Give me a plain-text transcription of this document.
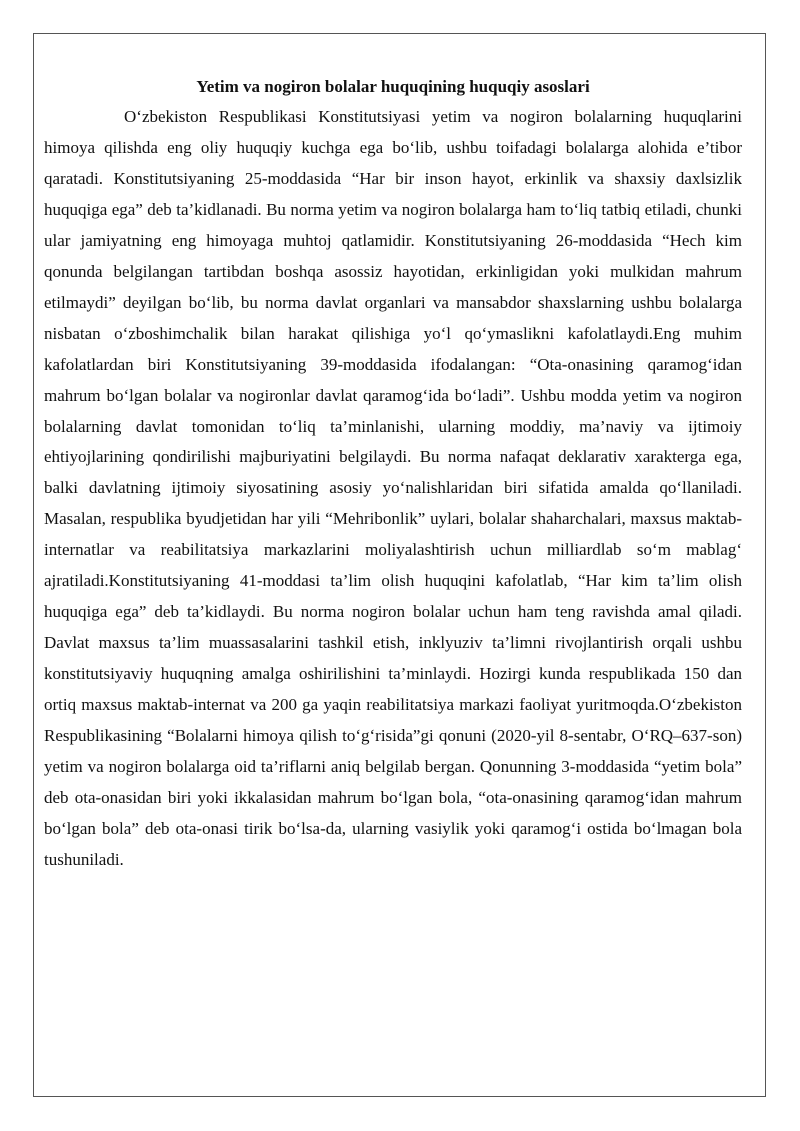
Yetim va nogiron bolalar huquqining huquqiy asoslari

O‘zbekiston Respublikasi Konstitutsiyasi yetim va nogiron bolalarning huquqlarini himoya qilishda eng oliy huquqiy kuchga ega bo‘lib, ushbu toifadagi bolalarga alohida e’tibor qaratadi. Konstitutsiyaning 25-moddasida “Har bir inson hayot, erkinlik va shaxsiy daxlsizlik huquqiga ega” deb ta’kidlanadi. Bu norma yetim va nogiron bolalarga ham to‘liq tatbiq etiladi, chunki ular jamiyatning eng himoyaga muhtoj qatlamidir. Konstitutsiyaning 26-moddasida “Hech kim qonunda belgilangan tartibdan boshqa asossiz hayotidan, erkinligidan yoki mulkidan mahrum etilmaydi” deyilgan bo‘lib, bu norma davlat organlari va mansabdor shaxslarning ushbu bolalarga nisbatan o‘zboshimchalik bilan harakat qilishiga yo‘l qo‘ymaslikni kafolatlaydi.Eng muhim kafolatlardan biri Konstitutsiyaning 39-moddasida ifodalangan: “Ota-onasining qaramog‘idan mahrum bo‘lgan bolalar va nogironlar davlat qaramog‘ida bo‘ladi”. Ushbu modda yetim va nogiron bolalarning davlat tomonidan to‘liq ta’minlanishi, ularning moddiy, ma’naviy va ijtimoiy ehtiyojlarining qondirilishi majburiyatini belgilaydi. Bu norma nafaqat deklarativ xarakterga ega, balki davlatning ijtimoiy siyosatining asosiy yo‘nalishlaridan biri sifatida amalda qo‘llaniladi. Masalan, respublika byudjetidan har yili “Mehribonlik” uylari, bolalar shaharchalari, maxsus maktab-internatlar va reabilitatsiya markazlarini moliyalashtirish uchun milliardlab so‘m mablag‘ ajratiladi.Konstitutsiyaning 41-moddasi ta’lim olish huquqini kafolatlab, “Har kim ta’lim olish huquqiga ega” deb ta’kidlaydi. Bu norma nogiron bolalar uchun ham teng ravishda amal qiladi. Davlat maxsus ta’lim muassasalarini tashkil etish, inklyuziv ta’limni rivojlantirish orqali ushbu konstitutsiyaviy huquqning amalga oshirilishini ta’minlaydi. Hozirgi kunda respublikada 150 dan ortiq maxsus maktab-internat va 200 ga yaqin reabilitatsiya markazi faoliyat yuritmoqda.O‘zbekiston Respublikasining “Bolalarni himoya qilish to‘g‘risida”gi qonuni (2020-yil 8-sentabr, O‘RQ–637-son) yetim va nogiron bolalarga oid ta’riflarni aniq belgilab bergan. Qonunning 3-moddasida “yetim bola” deb ota-onasidan biri yoki ikkalasidan mahrum bo‘lgan bola, “ota-onasining qaramog‘idan mahrum bo‘lgan bola” deb ota-onasi tirik bo‘lsa-da, ularning vasiylik yoki qaramog‘i ostida bo‘lmagan bola tushuniladi.
